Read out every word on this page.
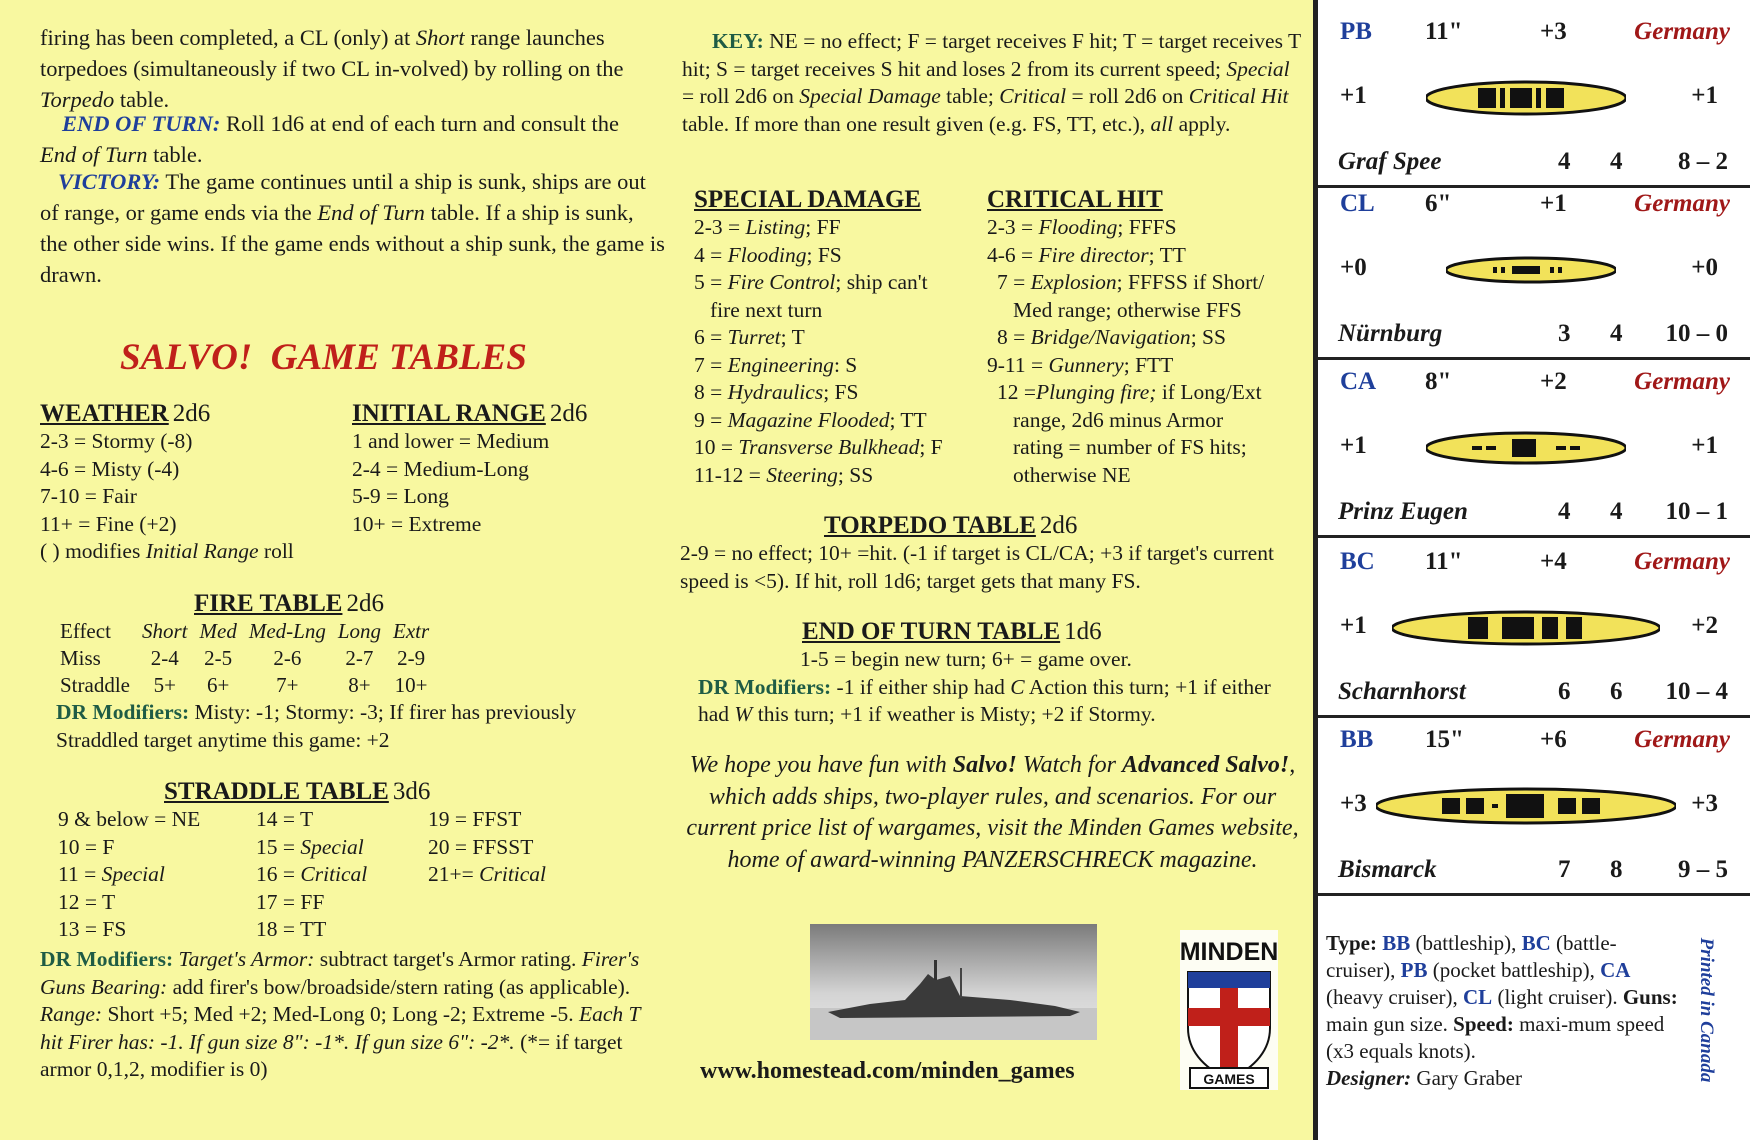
firing has been completed, a CL (only) at Short range launches torpedoes (simultaneously if two CL in-volved) by rolling on the Torpedo table.

END OF TURN: Roll 1d6 at end of each turn and consult the End of Turn table.

VICTORY: The game continues until a ship is sunk, ships are out of range, or game ends via the End of Turn table. If a ship is sunk, the other side wins. If the game ends without a ship sunk, the game is drawn.

SALVO!  GAME TABLES
WEATHER 2d6
2-3 = Stormy (-8)
4-6 = Misty (-4)
7-10 = Fair
11+ = Fine (+2)
( ) modifies Initial Range roll
INITIAL RANGE 2d6
1 and lower = Medium
2-4 = Medium-Long
5-9 = Long
10+ = Extreme
FIRE TABLE 2d6
Effect	Short	Med	Med-Lng	Long	Extr
Miss	2-4	2-5	2-6	2-7	2-9
Straddle	5+	6+	7+	8+	10+
DR Modifiers: Misty: -1; Stormy: -3; If firer has previously Straddled target anytime this game: +2
STRADDLE TABLE 3d6
9 & below = NE
10 = F
11 = Special
12 = T
13 = FS
14 = T
15 = Special
16 = Critical
17 = FF
18 = TT
19 = FFST
20 = FFSST
21+= Critical
DR Modifiers: Target's Armor: subtract target's Armor rating. Firer's Guns Bearing: add firer's bow/broadside/stern rating (as applicable). Range: Short +5; Med +2; Med-Long 0; Long -2; Extreme -5. Each T hit Firer has: -1. If gun size 8": -1*. If gun size 6": -2*. (*= if target armor 0,1,2, modifier is 0)

KEY: NE = no effect; F = target receives F hit; T = target receives T hit; S = target receives S hit and loses 2 from its current speed; Special = roll 2d6 on Special Damage table; Critical = roll 2d6 on Critical Hit table. If more than one result given (e.g. FS, TT, etc.), all apply.

SPECIAL DAMAGE
2-3 = Listing; FF
4 = Flooding; FS
5 = Fire Control; ship can't
fire next turn
6 = Turret; T
7 = Engineering: S
8 = Hydraulics; FS
9 = Magazine Flooded; TT
10 = Transverse Bulkhead; F
11-12 = Steering; SS
CRITICAL HIT
2-3 = Flooding; FFFS
4-6 = Fire director; TT
7 = Explosion; FFFSS if Short/
Med range; otherwise FFS
8 = Bridge/Navigation; SS
9-11 = Gunnery; FTT
12 =Plunging fire; if Long/Ext
range, 2d6 minus Armor
rating = number of FS hits;
otherwise NE
TORPEDO TABLE 2d6
2-9 = no effect; 10+ =hit. (-1 if target is CL/CA; +3 if target's current speed is <5). If hit, roll 1d6; target gets that many FS.
END OF TURN TABLE 1d6
1-5 = begin new turn; 6+ = game over.
DR Modifiers: -1 if either ship had C Action this turn; +1 if either had W this turn; +1 if weather is Misty; +2 if Stormy.

We hope you have fun with Salvo! Watch for Advanced Salvo!, which adds ships, two-player rules, and scenarios. For our current price list of wargames, visit the Minden Games website, home of award-winning PANZERSCHRECK magazine.

www.homestead.com/minden_games
MINDEN
GAMES
PB 11"	+3	Germany
+1	+1
Graf Spee	4 4 8 – 2
CL 6"	+1	Germany
+0	+0
Nürnburg	3 4 10 – 0
CA 8"	+2	Germany
+1	+1
Prinz Eugen	4 4 10 – 1
BC 11"	+4	Germany
+1	+2
Scharnhorst	6 6 10 – 4
BB 15"	+6	Germany
+3	+3
Bismarck	7 8 9 – 5
Type: BB (battleship), BC (battle-cruiser), PB (pocket battleship), CA (heavy cruiser), CL (light cruiser). Guns: main gun size. Speed: maxi-mum speed (x3 equals knots).
Designer: Gary Graber	Printed in Canada
